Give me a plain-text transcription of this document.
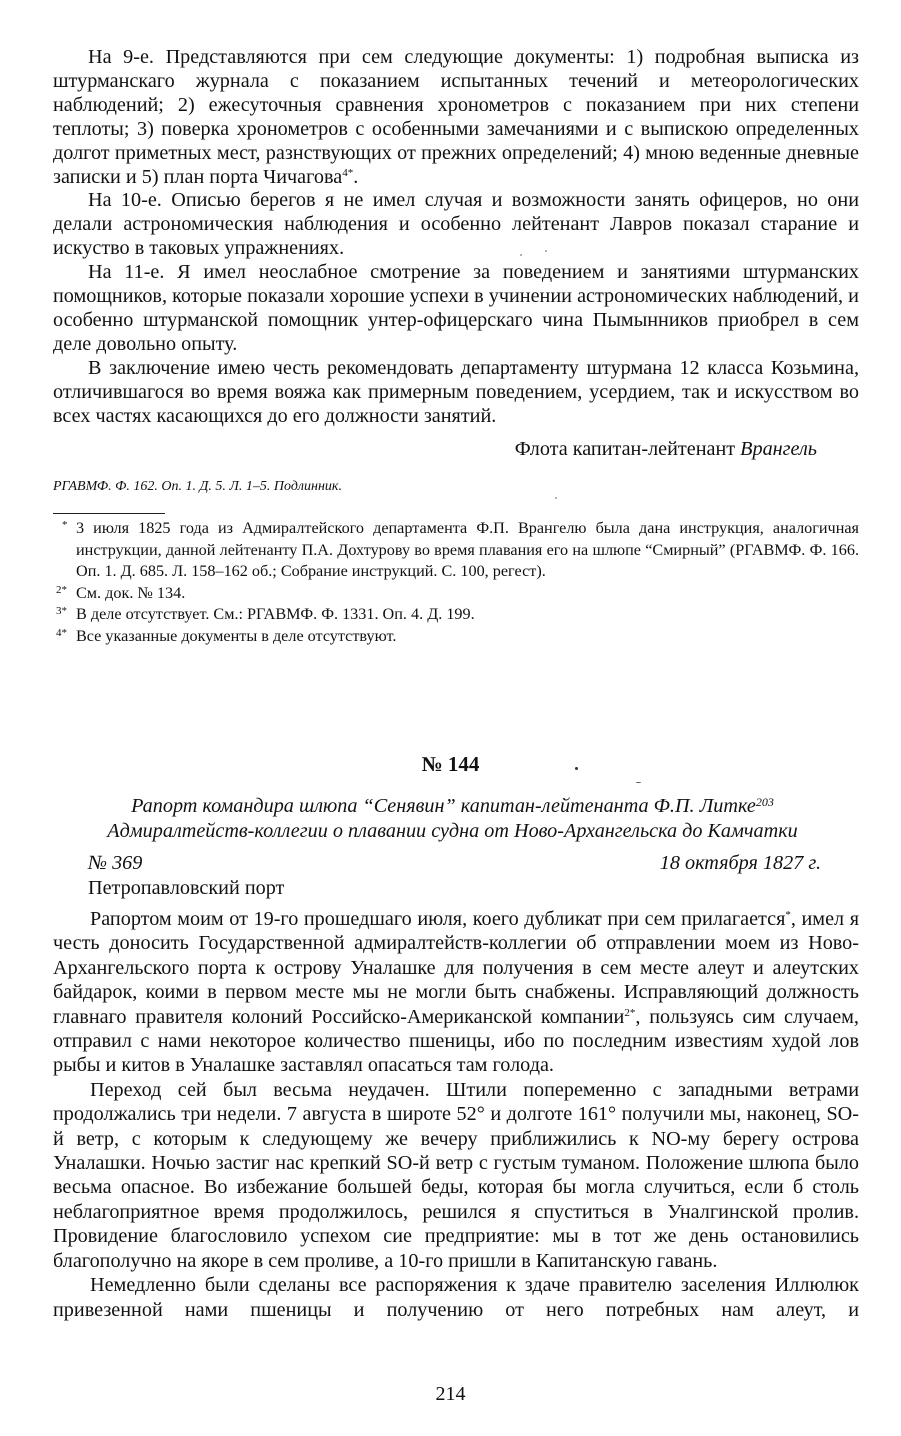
На 9-е. Представляются при сем следующие документы: 1) подробная выписка из штурманскаго журнала с показанием испытанных течений и метеорологических наблюдений; 2) ежесуточныя сравнения хронометров с показанием при них степени теплоты; 3) поверка хронометров с особенными замечаниями и с выпискою определенных долгот приметных мест, разнствующих от прежних определений; 4) мною веденные дневные записки и 5) план порта Чичагова$^{4*}$.

На 10-е. Описью берегов я не имел случая и возможности занять офицеров, но они делали астрономическия наблюдения и особенно лейтенант Лавров показал старание и искуство в таковых упражнениях.

На 11-е. Я имел неослабное смотрение за поведением и занятиями штурманских помощников, которые показали хорошие успехи в учинении астрономических наблюдений, и особенно штурманской помощник унтер-офицерскаго чина Пымынников приобрел в сем деле довольно опыту.

В заключение имею честь рекомендовать департаменту штурмана 12 класса Козьмина, отличившагося во время вояжа как примерным поведением, усердием, так и искусством во всех частях касающихся до его должности занятий.

Флота капитан-лейтенант Врангель
РГАВМФ. Ф. 162. Оп. 1. Д. 5. Л. 1–5. Подлинник.
* 3 июля 1825 года из Адмиралтейского департамента Ф.П. Врангелю была дана инструкция, аналогичная инструкции, данной лейтенанту П.А. Дохтурову во время плавания его на шлюпе “Смирный” (РГАВМФ. Ф. 166. Оп. 1. Д. 685. Л. 158–162 об.; Собрание инструкций. С. 100, регест).
2* См. док. № 134.
3* В деле отсутствует. См.: РГАВМФ. Ф. 1331. Оп. 4. Д. 199.
4* Все указанные документы в деле отсутствуют.
№ 144
Рапорт командира шлюпа “Сенявин” капитан-лейтенанта Ф.П. Литке$^{203}$
Адмиралтейств-коллегии о плавании судна от Ново-Архангельска до Камчатки
№ 369	18 октября 1827 г.
Петропавловский порт

Рапортом моим от 19-го прошедшаго июля, коего дубликат при сем прилагается*, имел я честь доносить Государственной адмиралтейств-коллегии об отправлении моем из Ново-Архангельского порта к острову Уналашке для получения в сем месте алеут и алеутских байдарок, коими в первом месте мы не могли быть снабжены. Исправляющий должность главнаго правителя колоний Российско-Американской компании$^{2*}$, пользуясь сим случаем, отправил с нами некоторое количество пшеницы, ибо по последним известиям худой лов рыбы и китов в Уналашке заставлял опасаться там голода.

Переход сей был весьма неудачен. Штили попеременно с западными ветрами продолжались три недели. 7 августа в широте 52° и долготе 161° получили мы, наконец, SO-й ветр, с которым к следующему же вечеру приближились к NO-му берегу острова Уналашки. Ночью застиг нас крепкий SO-й ветр с густым туманом. Положение шлюпа было весьма опасное. Во избежание большей беды, которая бы могла случиться, если б столь неблагоприятное время продолжилось, решился я спуститься в Уналгинской пролив. Провидение благословило успехом сие предприятие: мы в тот же день остановились благополучно на якоре в сем проливе, а 10-го пришли в Капитанскую гавань.

Немедленно были сделаны все распоряжения к здаче правителю заселения Иллюлюк привезенной нами пшеницы и получению от него потребных нам алеут, и

214
